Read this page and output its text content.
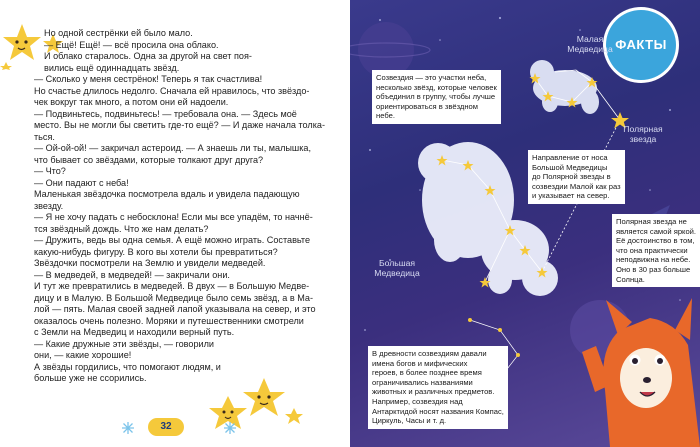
Но одной сестрёнки ей было мало.
— Ещё! Ещё! — всё просила она облако.
И облако старалось. Одна за другой на свет поя-
вились ещё одиннадцать звёзд.
— Сколько у меня сестрёнок! Теперь я так счастлива!
Но счастье длилось недолго. Сначала ей нравилось, что звёздо-
чек вокруг так много, а потом они ей надоели.
— Подвиньтесь, подвиньтесь! — требовала она. — Здесь моё
место. Вы не могли бы светить где-то ещё? — И даже начала толка-
ться.
— Ой-ой-ой! — закричал астероид. — А знаешь ли ты, малышка,
что бывает со звёздами, которые толкают друг друга?
— Что?
— Они падают с неба!
Маленькая звёздочка посмотрела вдаль и увидела падающую
звезду.
— Я не хочу падать с небосклона! Если мы все упадём, то начнё-
тся звёздный дождь. Что же нам делать?
— Дружить, ведь вы одна семья. А ещё можно играть. Составьте
какую-нибудь фигуру. В кого вы хотели бы превратиться?
Звёздочки посмотрели на Землю и увидели медведей.
— В медведей, в медведей! — закричали они.
И тут же превратились в медведей. В двух — в Большую Медве-
дицу и в Малую. В Большой Медведице было семь звёзд, а в Ма-
лой — пять. Малая своей задней лапой указывала на север, и это
оказалось очень полезно. Моряки и путешественники смотрели
с Земли на Медведиц и находили верный путь.
— Какие дружные эти звёзды, — говорили
они, — какие хорошие!
А звёзды гордились, что помогают людям, и
больше уже не ссорились.
32
ФАКТЫ
Малая
Медведица
Полярная
звезда
Большая
Медведица
Созвездия — это участки неба,
несколько звёзд, которые человек
объединил в группу, чтобы лучше
ориентироваться в звёздном
небе.
Направление от носа
Большой Медведицы
до Полярной звезды в
созвездии Малой как раз
и указывает на север.
Полярная звезда не
является самой яркой.
Её достоинство в том,
что она практически
неподвижна на небе.
Оно в 30 раз больше
Солнца.
В древности созвездиям давали
имена богов и мифических
героев, в более позднее время
ограничивались названиями
животных и различных предметов.
Например, созвездия над
Антарктидой носят названия Компас,
Циркуль, Часы и т. д.
